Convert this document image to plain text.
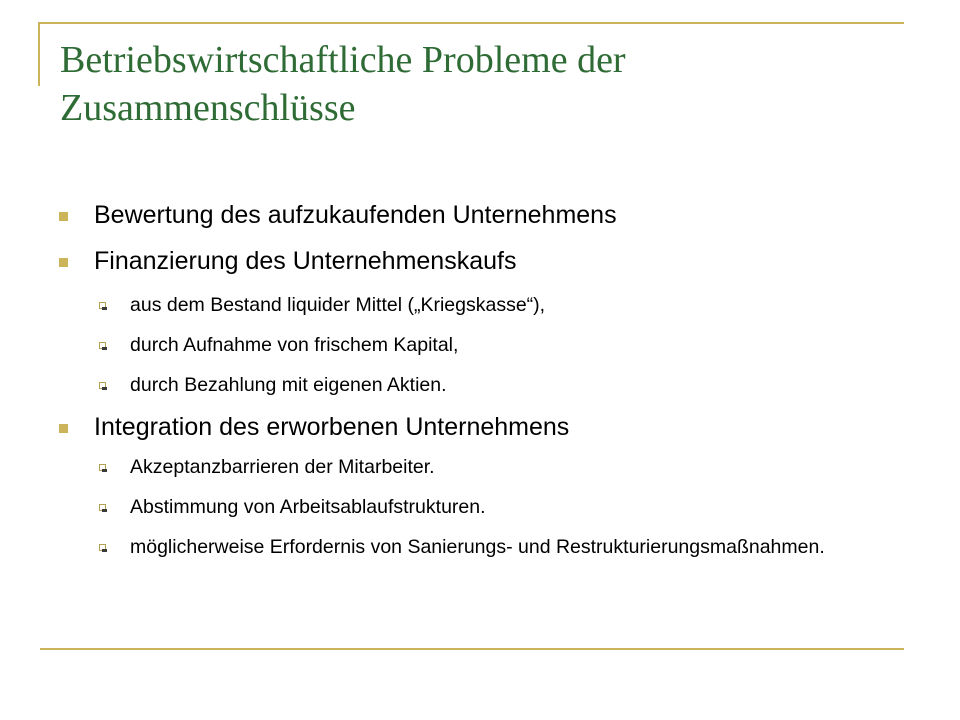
Betriebswirtschaftliche Probleme der Zusammenschlüsse
Bewertung des aufzukaufenden Unternehmens
Finanzierung des Unternehmenskaufs
aus dem Bestand liquider Mittel („Kriegskasse“),
durch Aufnahme von frischem Kapital,
durch Bezahlung mit eigenen Aktien.
Integration des erworbenen Unternehmens
Akzeptanzbarrieren der Mitarbeiter.
Abstimmung von Arbeitsablaufstrukturen.
möglicherweise Erfordernis von Sanierungs- und Restrukturierungsmaßnahmen.
